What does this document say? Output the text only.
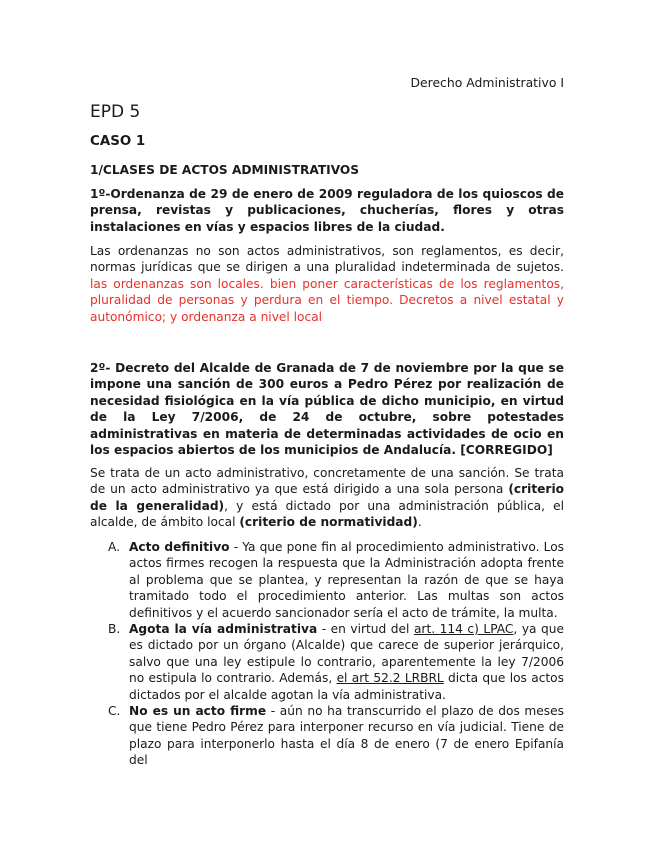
Derecho Administrativo I
EPD 5
CASO 1
1/CLASES DE ACTOS ADMINISTRATIVOS
1º-Ordenanza de 29 de enero de 2009 reguladora de los quioscos de prensa, revistas y publicaciones, chucherías, flores y otras instalaciones en vías y espacios libres de la ciudad.
Las ordenanzas no son actos administrativos, son reglamentos, es decir, normas jurídicas que se dirigen a una pluralidad indeterminada de sujetos. las ordenanzas son locales. bien poner características de los reglamentos, pluralidad de personas y perdura en el tiempo. Decretos a nivel estatal y autonómico; y ordenanza a nivel local
2º- Decreto del Alcalde de Granada de 7 de noviembre por la que se impone una sanción de 300 euros a Pedro Pérez por realización de necesidad fisiológica en la vía pública de dicho municipio, en virtud de la Ley 7/2006, de 24 de octubre, sobre potestades administrativas en materia de determinadas actividades de ocio en los espacios abiertos de los municipios de Andalucía. [CORREGIDO]
Se trata de un acto administrativo, concretamente de una sanción. Se trata de un acto administrativo ya que está dirigido a una sola persona (criterio de la generalidad), y está dictado por una administración pública, el alcalde, de ámbito local (criterio de normatividad).
A. Acto definitivo - Ya que pone fin al procedimiento administrativo. Los actos firmes recogen la respuesta que la Administración adopta frente al problema que se plantea, y representan la razón de que se haya tramitado todo el procedimiento anterior. Las multas son actos definitivos y el acuerdo sancionador sería el acto de trámite, la multa.
B. Agota la vía administrativa - en virtud del art. 114 c) LPAC, ya que es dictado por un órgano (Alcalde) que carece de superior jerárquico, salvo que una ley estipule lo contrario, aparentemente la ley 7/2006 no estipula lo contrario. Además, el art 52.2 LRBRL dicta que los actos dictados por el alcalde agotan la vía administrativa.
C. No es un acto firme - aún no ha transcurrido el plazo de dos meses que tiene Pedro Pérez para interponer recurso en vía judicial. Tiene de plazo para interponerlo hasta el día 8 de enero (7 de enero Epifanía del
